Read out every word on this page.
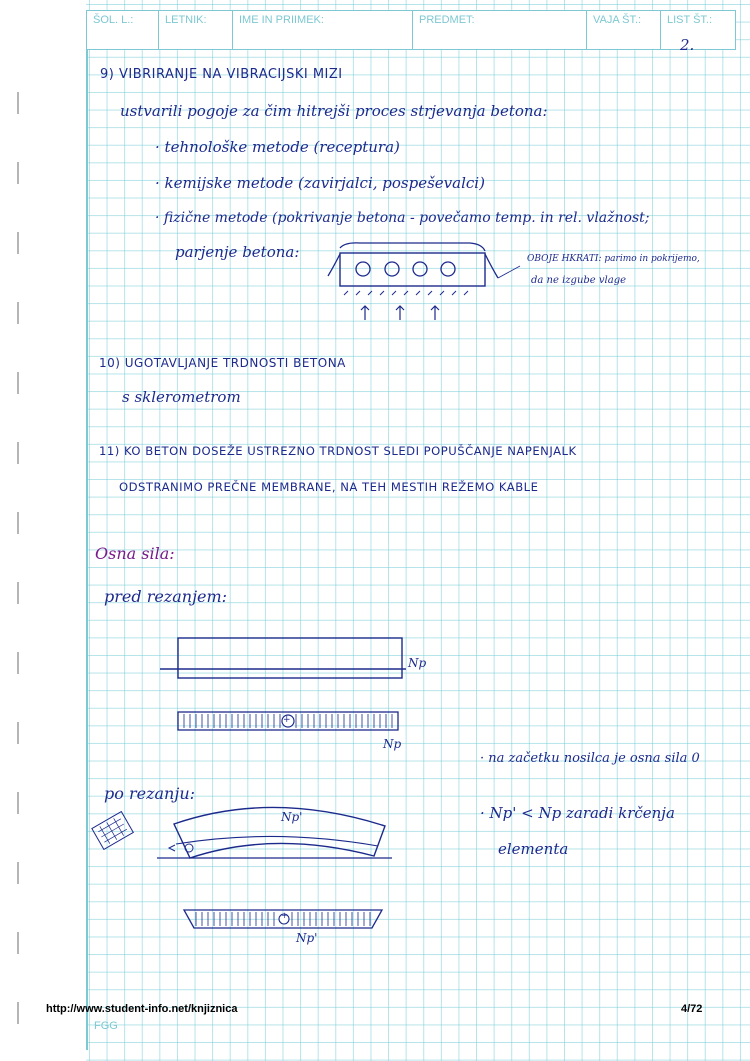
ŠOL. L.:	LETNIK:	IME IN PRIIMEK:	PREDMET:	VAJA ŠT.:	LIST ŠT.:
2.
9) VIBRIRANJE NA VIBRACIJSKI MIZI
ustvarili pogoje za čim hitrejši proces strjevanja betona:
· tehnološke metode (receptura)
· kemijske metode (zavirjalci, pospeševalci)
· fizične metode (pokrivanje betona - povečamo temp. in rel. vlažnost;
parjenje betona:	OBOJE HKRATI: parimo in pokrijemo,
da ne izgube vlage
10) UGOTAVLJANJE TRDNOSTI BETONA
s sklerometrom
11) KO BETON DOSEŽE USTREZNO TRDNOST SLEDI POPUŠČANJE NAPENJALK
ODSTRANIMO PREČNE MEMBRANE, NA TEH MESTIH REŽEMO KABLE
Osna sila:
pred rezanjem:
+
Np
Np
· na začetku nosilca je osna sila 0
po rezanju:
Np'
+
Np'
· Np' < Np zaradi krčenja
elementa
http://www.student-info.net/knjiznica	4/72
FGG
